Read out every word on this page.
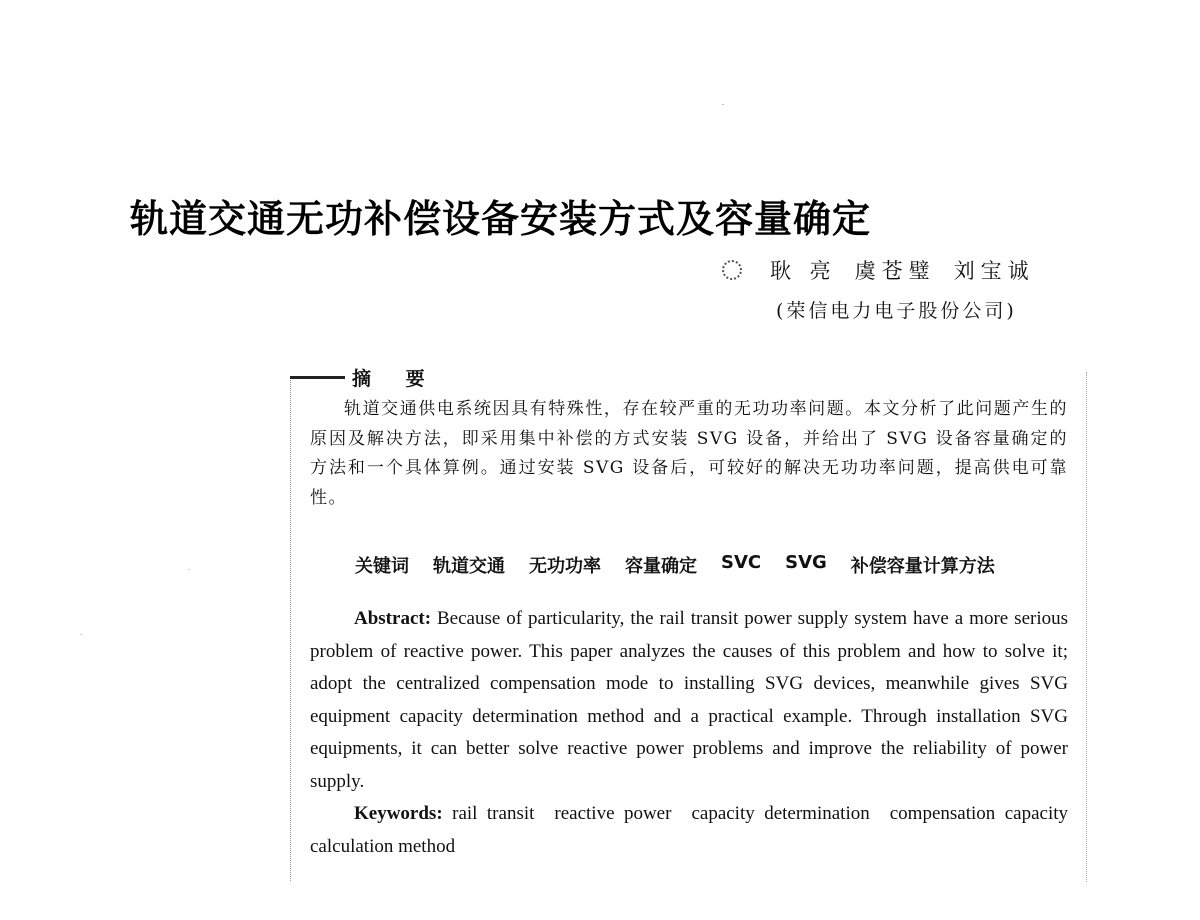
轨道交通无功补偿设备安装方式及容量确定
耿 亮 虞苍璧 刘宝诚
(荣信电力电子股份公司)
摘 要

轨道交通供电系统因具有特殊性，存在较严重的无功功率问题。本文分析了此问题产生的原因及解决方法，即采用集中补偿的方式安装 SVG 设备，并给出了 SVG 设备容量确定的方法和一个具体算例。通过安装 SVG 设备后，可较好的解决无功功率问题，提高供电可靠性。

关键词 轨道交通 无功功率 容量确定 SVC SVG 补偿容量计算方法

Abstract: Because of particularity, the rail transit power supply system have a more serious problem of reactive power. This paper analyzes the causes of this problem and how to solve it; adopt the centralized compensation mode to installing SVG devices, meanwhile gives SVG equipment capacity determination method and a practical example. Through installation SVG equipments, it can better solve reactive power problems and improve the reliability of power supply.

Keywords: rail transit reactive power capacity determination compensation capacity calculation method
